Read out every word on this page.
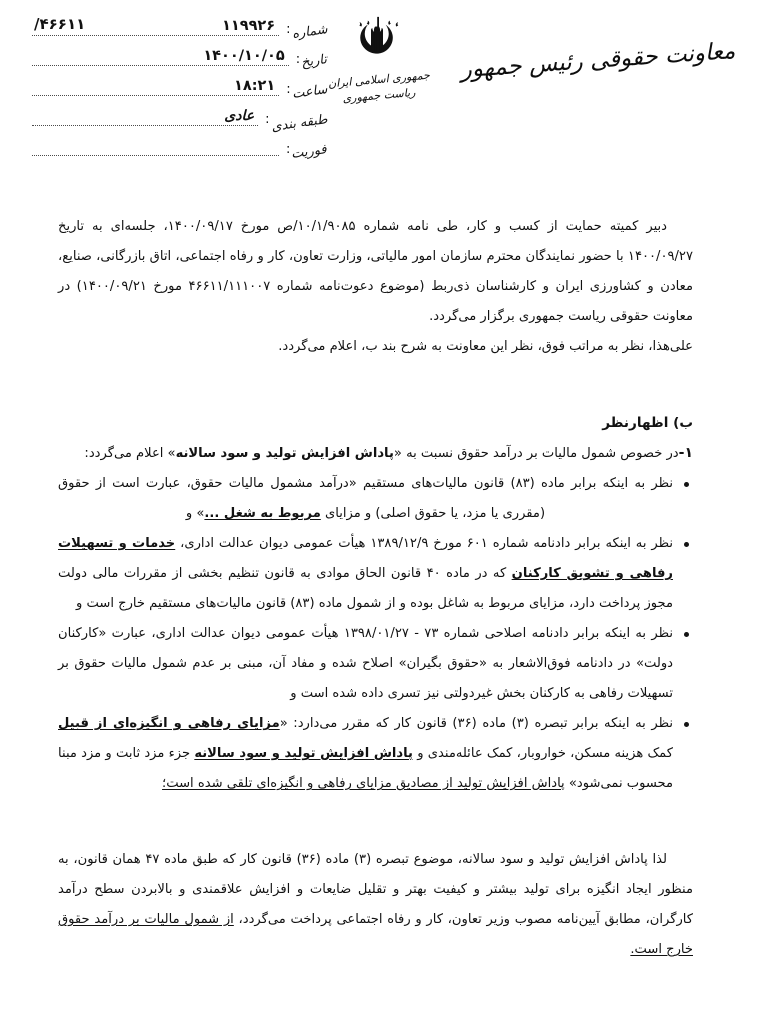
معاونت حقوقی رئیس جمهور
جمهوری اسلامی ایران
ریاست جمهوری
شماره
:
۱۱۹۹۲۶
۴۶۶۱۱/
تاریخ
:
۱۴۰۰/۱۰/۰۵
ساعت
:
۱۸:۲۱
طبقه بندی
:
عادی
فوریت
:

دبیر کمیته حمایت از کسب و کار، طی نامه شماره ۱۰/۱/۹۰۸۵/ص مورخ ۱۴۰۰/۰۹/۱۷، جلسه‌ای به تاریخ ۱۴۰۰/۰۹/۲۷ با حضور نمایندگان محترم سازمان امور مالیاتی، وزارت تعاون، کار و رفاه اجتماعی، اتاق بازرگانی، صنایع، معادن و کشاورزی ایران و کارشناسان ذی‌ربط (موضوع دعوت‌نامه شماره ۴۶۶۱۱/۱۱۱۰۰۷ مورخ ۱۴۰۰/۰۹/۲۱) در معاونت حقوقی ریاست جمهوری برگزار می‌گردد.

علی‌هذا، نظر به مراتب فوق، نظر این معاونت به شرح بند ب، اعلام می‌گردد.

ب) اظهارنظر

۱-در خصوص شمول مالیات بر درآمد حقوق نسبت به «پاداش افزایش تولید و سود سالانه» اعلام می‌گردد:

نظر به اینکه برابر ماده (۸۳) قانون مالیات‌های مستقیم «درآمد مشمول مالیات حقوق، عبارت است از حقوق (مقرری یا مزد، یا حقوق اصلی) و مزایای مربوط به شغل ...» و
نظر به اینکه برابر دادنامه شماره ۶۰۱ مورخ ۱۳۸۹/۱۲/۹ هیأت عمومی دیوان عدالت اداری، خدمات و تسهیلات رفاهی و تشویق کارکنان که در ماده ۴۰ قانون الحاق موادی به قانون تنظیم بخشی از مقررات مالی دولت مجوز پرداخت دارد، مزایای مربوط به شاغل بوده و از شمول ماده (۸۳) قانون مالیات‌های مستقیم خارج است و
نظر به اینکه برابر دادنامه اصلاحی شماره ۷۳ - ۱۳۹۸/۰۱/۲۷ هیأت عمومی دیوان عدالت اداری، عبارت «کارکنان دولت» در دادنامه فوق‌الاشعار به «حقوق بگیران» اصلاح شده و مفاد آن، مبنی بر عدم شمول مالیات حقوق بر تسهیلات رفاهی به کارکنان بخش غیردولتی نیز تسری داده شده است و
نظر به اینکه برابر تبصره (۳) ماده (۳۶) قانون کار که مقرر می‌دارد: «مزایای رفاهی و انگیزه‌ای از قبیل کمک هزینه مسکن، خواروبار، کمک عائله‌مندی و پاداش افزایش تولید و سود سالانه جزء مزد ثابت و مزد مبنا محسوب نمی‌شود» پاداش افزایش تولید از مصادیق مزایای رفاهی و انگیزه‌ای تلقی شده است؛

لذا پاداش افزایش تولید و سود سالانه، موضوع تبصره (۳) ماده (۳۶) قانون کار که طبق ماده ۴۷ همان قانون، به منظور ایجاد انگیزه برای تولید بیشتر و کیفیت بهتر و تقلیل ضایعات و افزایش علاقمندی و بالابردن سطح درآمد کارگران، مطابق آیین‌نامه مصوب وزیر تعاون، کار و رفاه اجتماعی پرداخت می‌گردد، از شمول مالیات بر درآمد حقوق خارج است.
